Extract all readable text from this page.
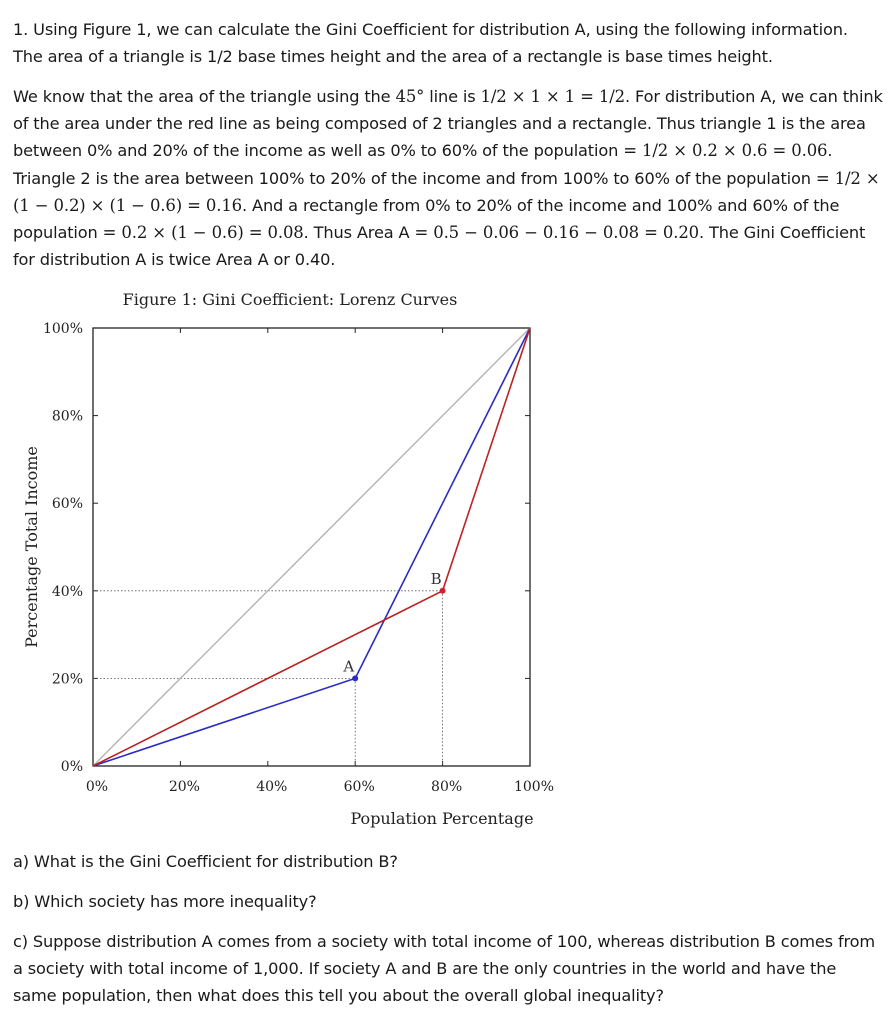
1. Using Figure 1, we can calculate the Gini Coefficient for distribution A, using the following information.
The area of a triangle is 1/2 base times height and the area of a rectangle is base times height.

We know that the area of the triangle using the 45° line is 1/2 × 1 × 1 = 1/2. For distribution A, we can think of the area under the red line as being composed of 2 triangles and a rectangle. Thus triangle 1 is the area between 0% and 20% of the income as well as 0% to 60% of the population = 1/2 × 0.2 × 0.6 = 0.06. Triangle 2 is the area between 100% to 20% of the income and from 100% to 60% of the population = 1/2 × (1 − 0.2) × (1 − 0.6) = 0.16. And a rectangle from 0% to 20% of the income and 100% and 60% of the population = 0.2 × (1 − 0.6) = 0.08. Thus Area A = 0.5 − 0.06 − 0.16 − 0.08 = 0.20. The Gini Coefficient for distribution A is twice Area A or 0.40.

Figure 1: Gini Coefficient: Lorenz Curves

0%	20%	40%	60%	80%	100%
0%
20%
40%
60%
80%
100%
A
B
Population Percentage
Percentage Total Income

a) What is the Gini Coefficient for distribution B?

b) Which society has more inequality?

c) Suppose distribution A comes from a society with total income of 100, whereas distribution B comes from a society with total income of 1,000. If society A and B are the only countries in the world and have the same population, then what does this tell you about the overall global inequality?
